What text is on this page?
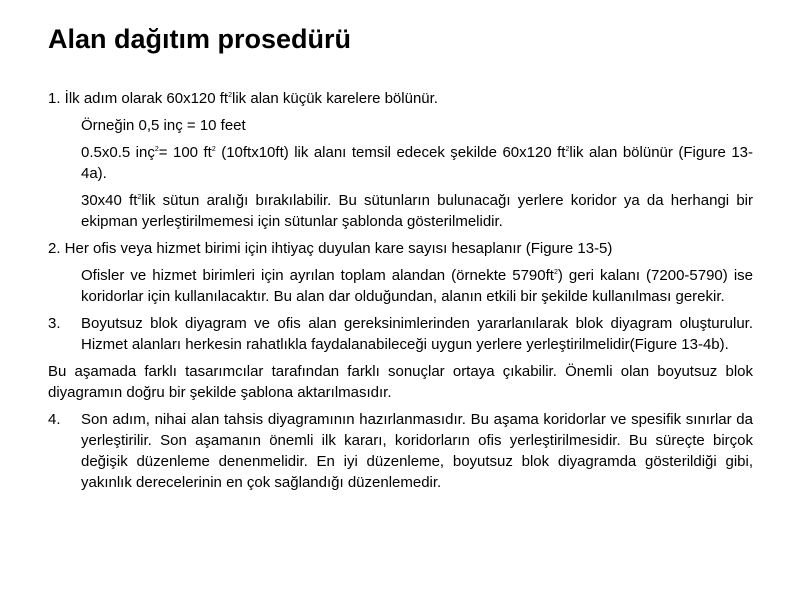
Alan dağıtım prosedürü

1. İlk adım olarak 60x120 $ft^2lik$ alan küçük karelere bölünür.

Örneğin 0,5 inç = 10 feet

0.5x0.5 inç$^2$= 100 $ft^2$ (10ftx10ft) lik alanı temsil edecek şekilde 60x120 $ft^2lik$ alan bölünür (Figure 13-4a).

30x40 $ft^2lik$ sütun aralığı bırakılabilir. Bu sütunların bulunacağı yerlere koridor ya da herhangi bir ekipman yerleştirilmemesi için sütunlar şablonda gösterilmelidir.

2. Her ofis veya hizmet birimi için ihtiyaç duyulan kare sayısı hesaplanır (Figure 13-5)

Ofisler ve hizmet birimleri için ayrılan toplam alandan (örnekte $5790ft^2$) geri kalanı (7200-5790) ise koridorlar için kullanılacaktır. Bu alan dar olduğundan, alanın etkili bir şekilde kullanılması gerekir.

3.	Boyutsuz blok diyagram ve ofis alan gereksinimlerinden yararlanılarak blok diyagram oluşturulur. Hizmet alanları herkesin rahatlıkla faydalanabileceği uygun yerlere yerleştirilmelidir(Figure 13-4b).

Bu aşamada farklı tasarımcılar tarafından farklı sonuçlar ortaya çıkabilir. Önemli olan boyutsuz blok diyagramın doğru bir şekilde şablona aktarılmasıdır.

4.	Son adım, nihai alan tahsis diyagramının hazırlanmasıdır. Bu aşama koridorlar ve spesifik sınırlar da yerleştirilir. Son aşamanın önemli ilk kararı, koridorların ofis yerleştirilmesidir. Bu süreçte birçok değişik düzenleme denenmelidir. En iyi düzenleme, boyutsuz blok diyagramda gösterildiği gibi, yakınlık derecelerinin en çok sağlandığı düzenlemedir.
